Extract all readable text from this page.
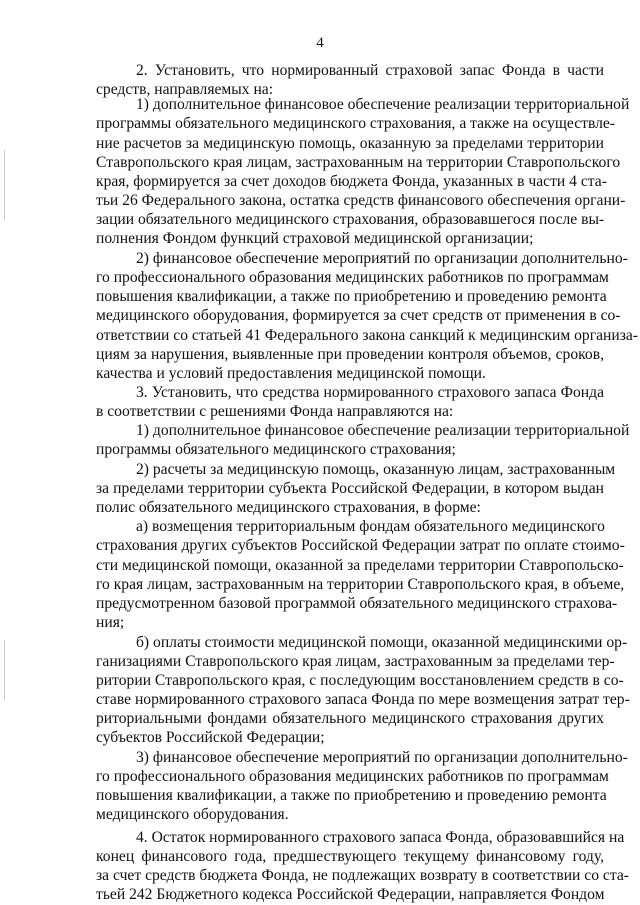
4
2. Установить, что нормированный страховой запас Фонда в части
средств, направляемых на:
1) дополнительное финансовое обеспечение реализации территориальной
программы обязательного медицинского страхования, а также на осуществле-
ние расчетов за медицинскую помощь, оказанную за пределами территории
Ставропольского края лицам, застрахованным на территории Ставропольского
края, формируется за счет доходов бюджета Фонда, указанных в части 4 ста-
тьи 26 Федерального закона, остатка средств финансового обеспечения органи-
зации обязательного медицинского страхования, образовавшегося после вы-
полнения Фондом функций страховой медицинской организации;
2) финансовое обеспечение мероприятий по организации дополнительно-
го профессионального образования медицинских работников по программам
повышения квалификации, а также по приобретению и проведению ремонта
медицинского оборудования, формируется за счет средств от применения в со-
ответствии со статьей 41 Федерального закона санкций к медицинским организа-
циям за нарушения, выявленные при проведении контроля объемов, сроков,
качества и условий предоставления медицинской помощи.
3. Установить, что средства нормированного страхового запаса Фонда
в соответствии с решениями Фонда направляются на:
1) дополнительное финансовое обеспечение реализации территориальной
программы обязательного медицинского страхования;
2) расчеты за медицинскую помощь, оказанную лицам, застрахованным
за пределами территории субъекта Российской Федерации, в котором выдан
полис обязательного медицинского страхования, в форме:
а) возмещения территориальным фондам обязательного медицинского
страхования других субъектов Российской Федерации затрат по оплате стоимо-
сти медицинской помощи, оказанной за пределами территории Ставропольско-
го края лицам, застрахованным на территории Ставропольского края, в объеме,
предусмотренном базовой программой обязательного медицинского страхова-
ния;
б) оплаты стоимости медицинской помощи, оказанной медицинскими ор-
ганизациями Ставропольского края лицам, застрахованным за пределами тер-
ритории Ставропольского края, с последующим восстановлением средств в со-
ставе нормированного страхового запаса Фонда по мере возмещения затрат тер-
риториальными фондами обязательного медицинского страхования других
субъектов Российской Федерации;
3) финансовое обеспечение мероприятий по организации дополнительно-
го профессионального образования медицинских работников по программам
повышения квалификации, а также по приобретению и проведению ремонта
медицинского оборудования.
4. Остаток нормированного страхового запаса Фонда, образовавшийся на
конец финансового года, предшествующего текущему финансовому году,
за счет средств бюджета Фонда, не подлежащих возврату в соответствии со ста-
тьей 242 Бюджетного кодекса Российской Федерации, направляется Фондом
